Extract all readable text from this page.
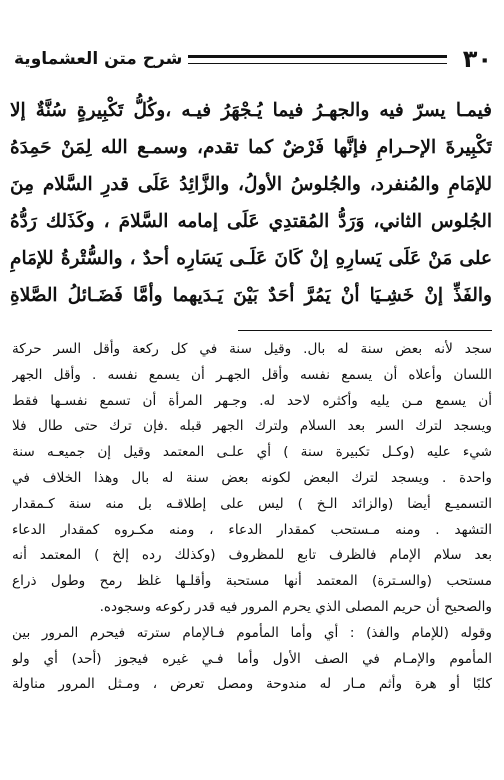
٣٠
شرح متن العشماوية

فيمـا يسرّ فيه والجهـرُ فيما يُـجْهَرُ فيـه ،وكُلُّ تَكْبِيرةٍ سُنَّةٌ إلا
تَكْبِيرةَ الإحـرامِ فإنَّها فَرْضٌ كما تقدم، وسمـع الله لِمَنْ حَمِدَهُ
للإمَامِ والمُنفرد، والجُلوسُ الأولُ، والزَّائِدُ عَلَى قدرِ السَّلام مِنَ
الجُلوس الثاني، وَرَدُّ المُقتدِي عَلَى إمامه السَّلامَ ، وكَذَلك رَدُّهُ
على مَنْ عَلَى يَسارِهِ إنْ كَانَ عَلَـى يَسَارِه أحدٌ ، والسُّتْرةُ للإمَامِ
والفَذِّ إنْ خَشِـيَا أنْ يَمُرَّ أحَدٌ بَيْنَ يَـدَيهما وأمَّا فَضَـائلُ الصَّلاةِ

سجد لأنه بعض سنة له بال. وقيل سنة في كل ركعة وأقل السر حركة
اللسان وأعلاه أن يسمع نفسه وأقل الجهـر أن يسمع نفسه . وأقل الجهر
أن يسمع مـن يليه وأكثره لاحد له. وجـهر المرأة أن تسمع نفسـها فقط
ويسجد لترك السر بعد السلام ولترك الجهر قبله .فإن ترك حتى طال فلا
شيء عليه (وكـل تكبيرة سنة ) أي علـى المعتمد وقيل إن جميعـه سنة
واحدة . ويسجد لترك البعض لكونه بعض سنة له بال وهذا الخلاف في
التسميـع أيضا (والزائد الـخ ) ليس على إطلاقـه بل منه سنة كـمقدار
التشهد . ومنه مـستحب كمقدار الدعاء ، ومنه مكـروه كمقدار الدعاء
بعد سلام الإمام فالظرف تابع للمظروف (وكذلك رده إلخ ) المعتمد أنه
مستحب (والسـترة) المعتمد أنها مستحبة وأقلـها غلظ رمح وطول ذراع
والصحيح أن حريم المصلى الذي يحرم المرور فيه قدر ركوعه وسجوده.
وقوله (للإمام والفذ) : أي وأما المأموم فـالإمام سترته فيحرم المرور بين
المأموم والإمـام في الصف الأول وأما فـي غيره فيجوز (أحد) أي ولو
كلبًا أو هرة وأثم مـار له مندوحة ومصل تعرض ، ومـثل المرور مناولة
